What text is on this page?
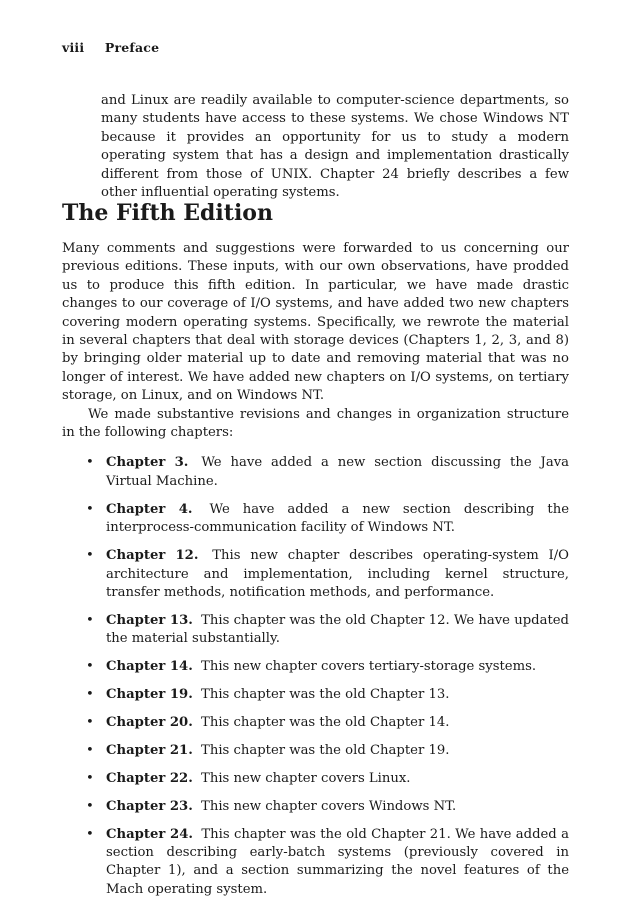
viii Preface

and Linux are readily available to computer-science departments, so many students have access to these systems. We chose Windows NT because it provides an opportunity for us to study a modern operating system that has a design and implementation drastically different from those of UNIX. Chapter 24 briefly describes a few other influential operating systems.

The Fifth Edition

Many comments and suggestions were forwarded to us concerning our previous editions. These inputs, with our own observations, have prodded us to produce this fifth edition. In particular, we have made drastic changes to our coverage of I/O systems, and have added two new chapters covering modern operating systems. Specifically, we rewrote the material in several chapters that deal with storage devices (Chapters 1, 2, 3, and 8) by bringing older material up to date and removing material that was no longer of interest. We have added new chapters on I/O systems, on tertiary storage, on Linux, and on Windows NT.

We made substantive revisions and changes in organization structure in the following chapters:

• Chapter 3. We have added a new section discussing the Java Virtual Machine.
• Chapter 4. We have added a new section describing the interprocess-communication facility of Windows NT.
• Chapter 12. This new chapter describes operating-system I/O architecture and implementation, including kernel structure, transfer methods, notification methods, and performance.
• Chapter 13. This chapter was the old Chapter 12. We have updated the material substantially.
• Chapter 14. This new chapter covers tertiary-storage systems.
• Chapter 19. This chapter was the old Chapter 13.
• Chapter 20. This chapter was the old Chapter 14.
• Chapter 21. This chapter was the old Chapter 19.
• Chapter 22. This new chapter covers Linux.
• Chapter 23. This new chapter covers Windows NT.
• Chapter 24. This chapter was the old Chapter 21. We have added a section describing early-batch systems (previously covered in Chapter 1), and a section summarizing the novel features of the Mach operating system.
